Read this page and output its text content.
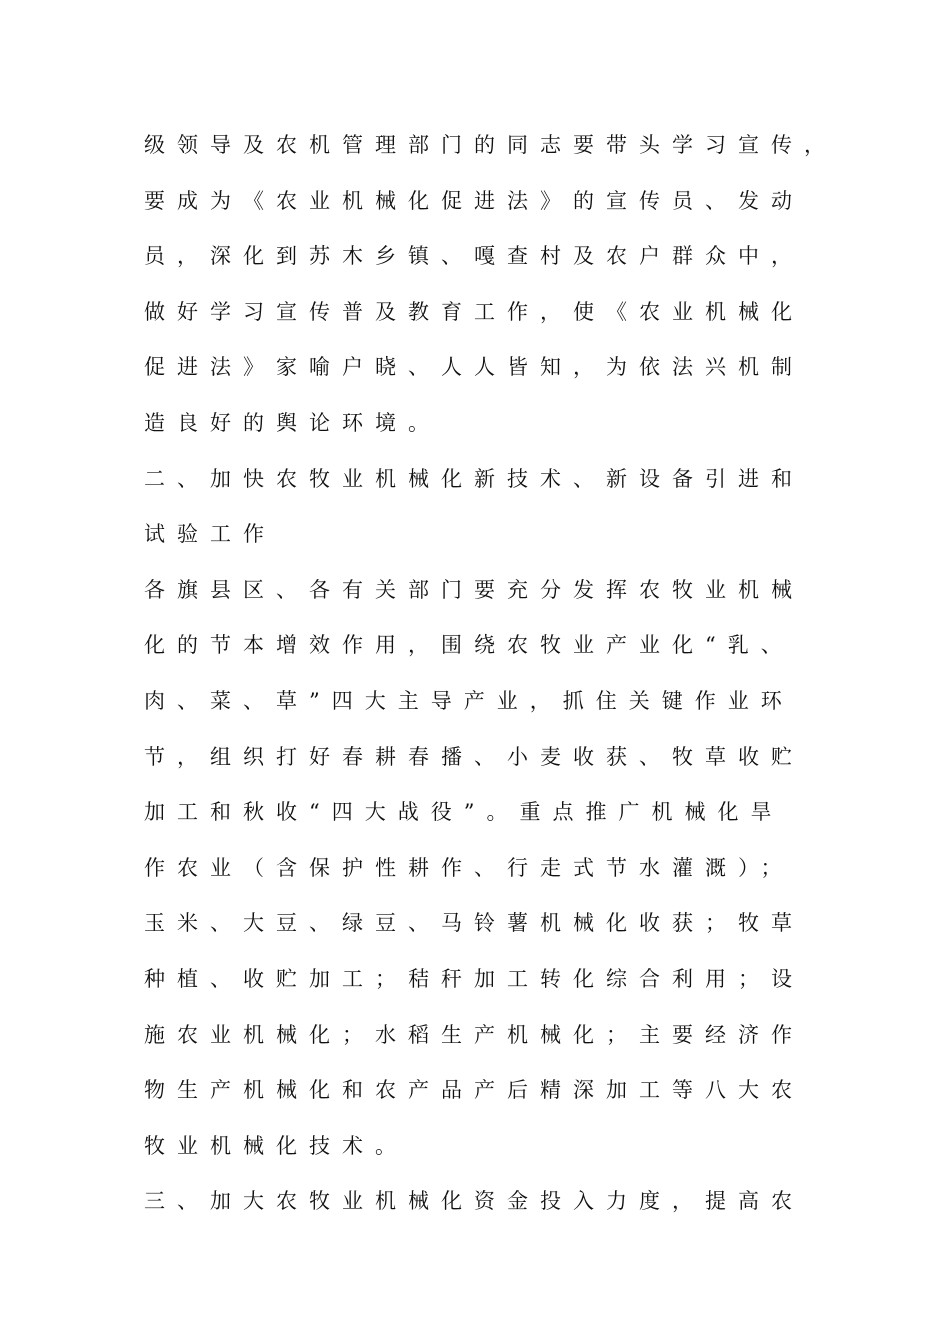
级领导及农机管理部门的同志要带头学习宣传，
要成为《农业机械化促进法》的宣传员、发动
员，深化到苏木乡镇、嘎查村及农户群众中，
做好学习宣传普及教育工作，使《农业机械化
促进法》家喻户晓、人人皆知，为依法兴机制
造良好的舆论环境。
二、加快农牧业机械化新技术、新设备引进和
试验工作
各旗县区、各有关部门要充分发挥农牧业机械
化的节本增效作用，围绕农牧业产业化“乳、
肉、菜、草”四大主导产业，抓住关键作业环
节，组织打好春耕春播、小麦收获、牧草收贮
加工和秋收“四大战役”。重点推广机械化旱
作农业（含保护性耕作、行走式节水灌溉）；
玉米、大豆、绿豆、马铃薯机械化收获；牧草
种植、收贮加工；秸秆加工转化综合利用；设
施农业机械化；水稻生产机械化；主要经济作
物生产机械化和农产品产后精深加工等八大农
牧业机械化技术。
三、加大农牧业机械化资金投入力度，提高农
